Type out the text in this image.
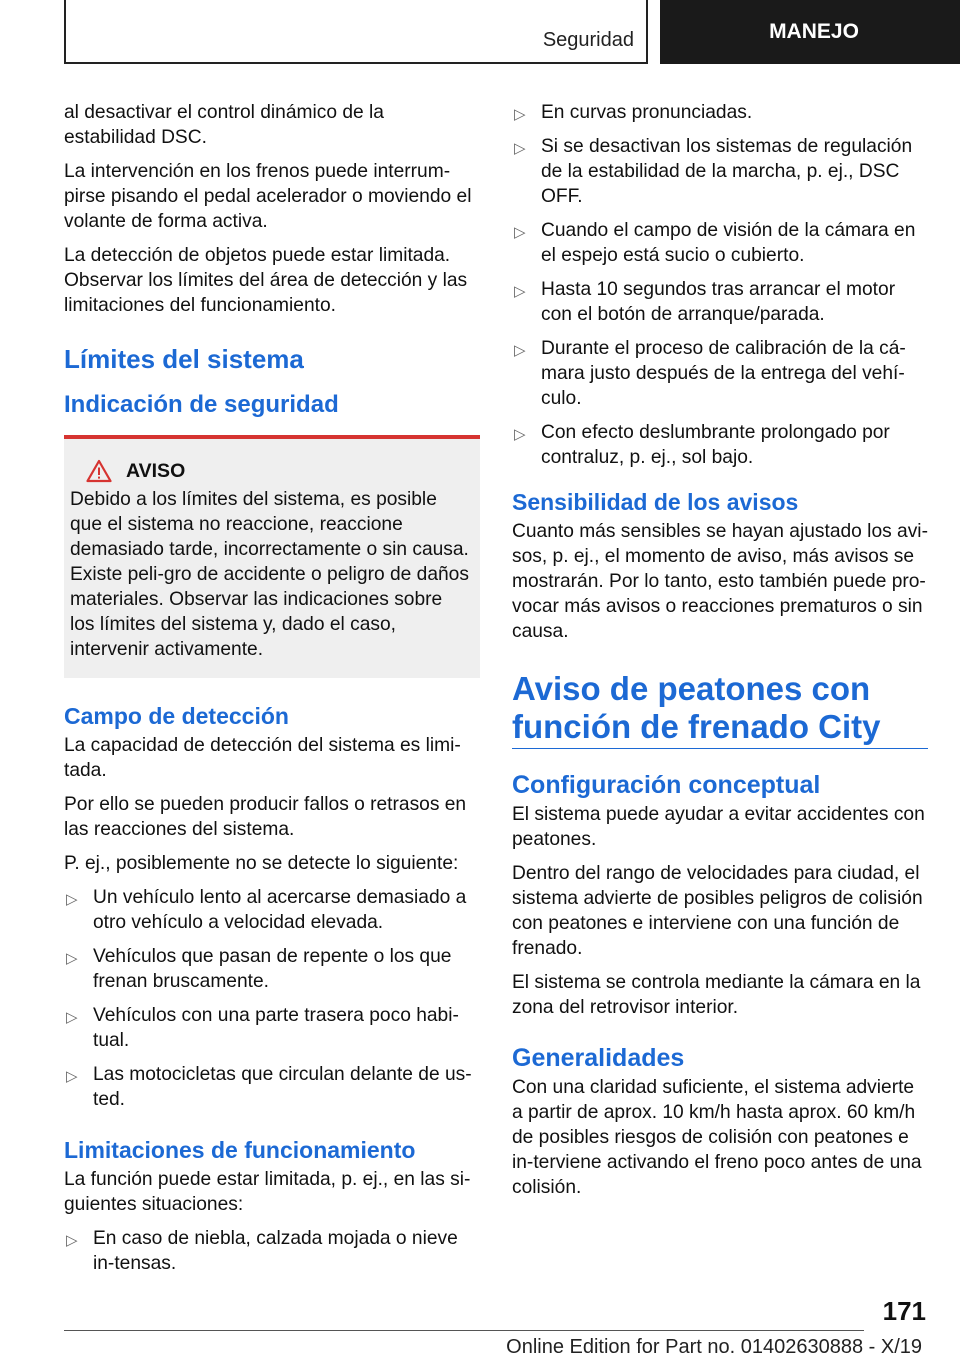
Seguridad	MANEJO

al desactivar el control dinámico de la estabilidad DSC.

La intervención en los frenos puede interrum-pirse pisando el pedal acelerador o moviendo el volante de forma activa.

La detección de objetos puede estar limitada. Observar los límites del área de detección y las limitaciones del funcionamiento.

Límites del sistema
Indicación de seguridad
AVISO

Debido a los límites del sistema, es posible que el sistema no reaccione, reaccione demasiado tarde, incorrectamente o sin causa. Existe peli-gro de accidente o peligro de daños materiales. Observar las indicaciones sobre los límites del sistema y, dado el caso, intervenir activamente.

Campo de detección

La capacidad de detección del sistema es limi-tada.

Por ello se pueden producir fallos o retrasos en las reacciones del sistema.

P. ej., posiblemente no se detecte lo siguiente:

▷ Un vehículo lento al acercarse demasiado a otro vehículo a velocidad elevada.
▷ Vehículos que pasan de repente o los que frenan bruscamente.
▷ Vehículos con una parte trasera poco habi-tual.
▷ Las motocicletas que circulan delante de us-ted.
Limitaciones de funcionamiento

La función puede estar limitada, p. ej., en las si-guientes situaciones:

▷ En caso de niebla, calzada mojada o nieve in-tensas.
▷ En curvas pronunciadas.
▷ Si se desactivan los sistemas de regulación de la estabilidad de la marcha, p. ej., DSC OFF.
▷ Cuando el campo de visión de la cámara en el espejo está sucio o cubierto.
▷ Hasta 10 segundos tras arrancar el motor con el botón de arranque/parada.
▷ Durante el proceso de calibración de la cá-mara justo después de la entrega del vehí-culo.
▷ Con efecto deslumbrante prolongado por contraluz, p. ej., sol bajo.
Sensibilidad de los avisos

Cuanto más sensibles se hayan ajustado los avi-sos, p. ej., el momento de aviso, más avisos se mostrarán. Por lo tanto, esto también puede pro-vocar más avisos o reacciones prematuros o sin causa.

Aviso de peatones con
función de frenado City
Configuración conceptual

El sistema puede ayudar a evitar accidentes con peatones.

Dentro del rango de velocidades para ciudad, el sistema advierte de posibles peligros de colisión con peatones e interviene con una función de frenado.

El sistema se controla mediante la cámara en la zona del retrovisor interior.

Generalidades

Con una claridad suficiente, el sistema advierte a partir de aprox. 10 km/h hasta aprox. 60 km/h de posibles riesgos de colisión con peatones e in-terviene activando el freno poco antes de una colisión.

171
Online Edition for Part no. 01402630888 - X/19
